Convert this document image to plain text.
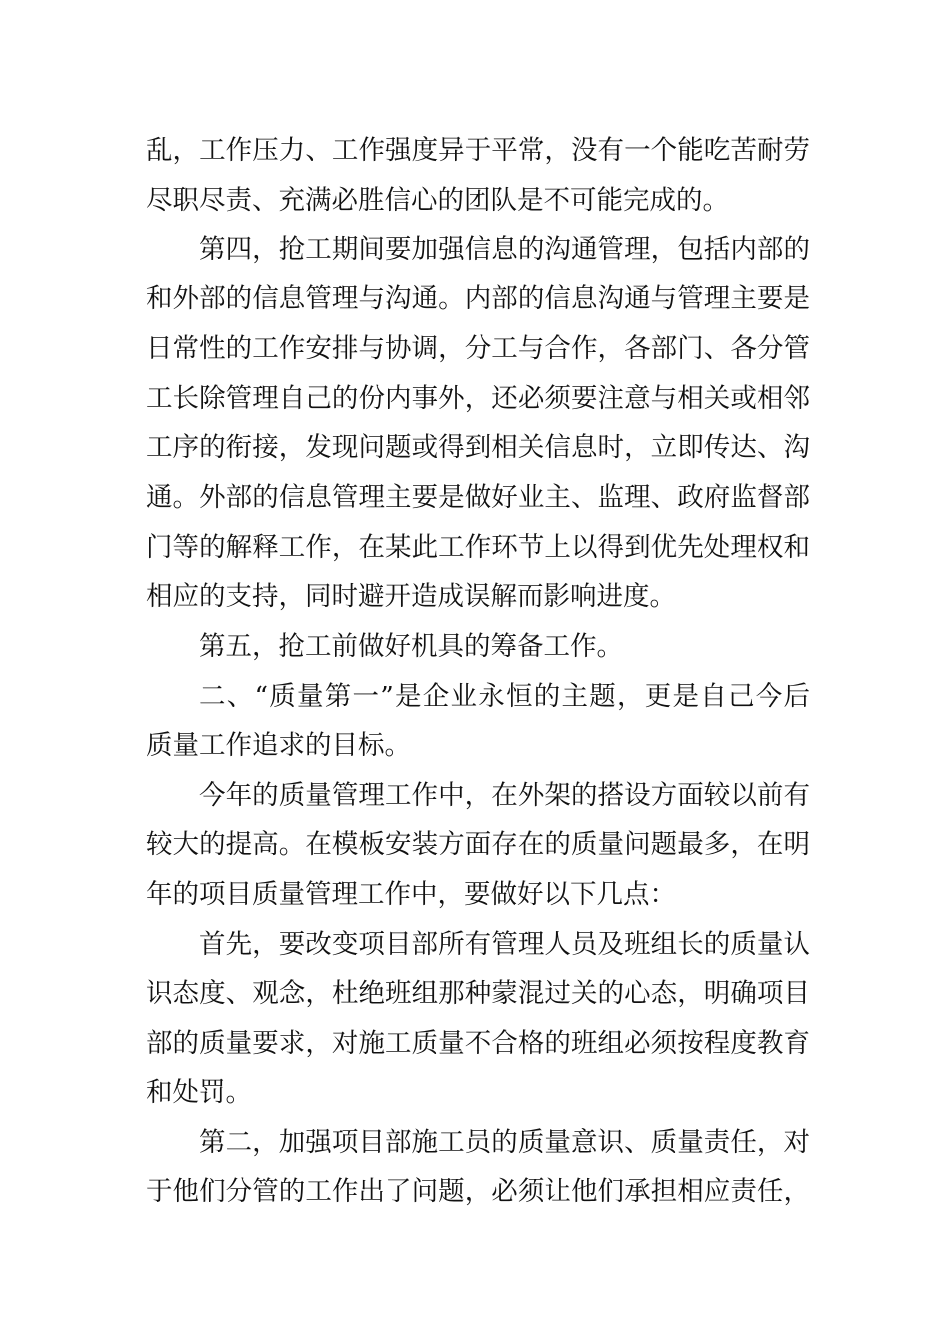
乱，工作压力、工作强度异于平常，没有一个能吃苦耐劳
尽职尽责、充满必胜信心的团队是不可能完成的。
第四，抢工期间要加强信息的沟通管理，包括内部的
和外部的信息管理与沟通。内部的信息沟通与管理主要是
日常性的工作安排与协调，分工与合作，各部门、各分管
工长除管理自己的份内事外，还必须要注意与相关或相邻
工序的衔接，发现问题或得到相关信息时，立即传达、沟
通。外部的信息管理主要是做好业主、监理、政府监督部
门等的解释工作，在某此工作环节上以得到优先处理权和
相应的支持，同时避开造成误解而影响进度。
第五，抢工前做好机具的筹备工作。
二、“质量第一”是企业永恒的主题，更是自己今后
质量工作追求的目标。
今年的质量管理工作中，在外架的搭设方面较以前有
较大的提高。在模板安装方面存在的质量问题最多，在明
年的项目质量管理工作中，要做好以下几点：
首先，要改变项目部所有管理人员及班组长的质量认
识态度、观念，杜绝班组那种蒙混过关的心态，明确项目
部的质量要求，对施工质量不合格的班组必须按程度教育
和处罚。
第二，加强项目部施工员的质量意识、质量责任，对
于他们分管的工作出了问题，必须让他们承担相应责任，
